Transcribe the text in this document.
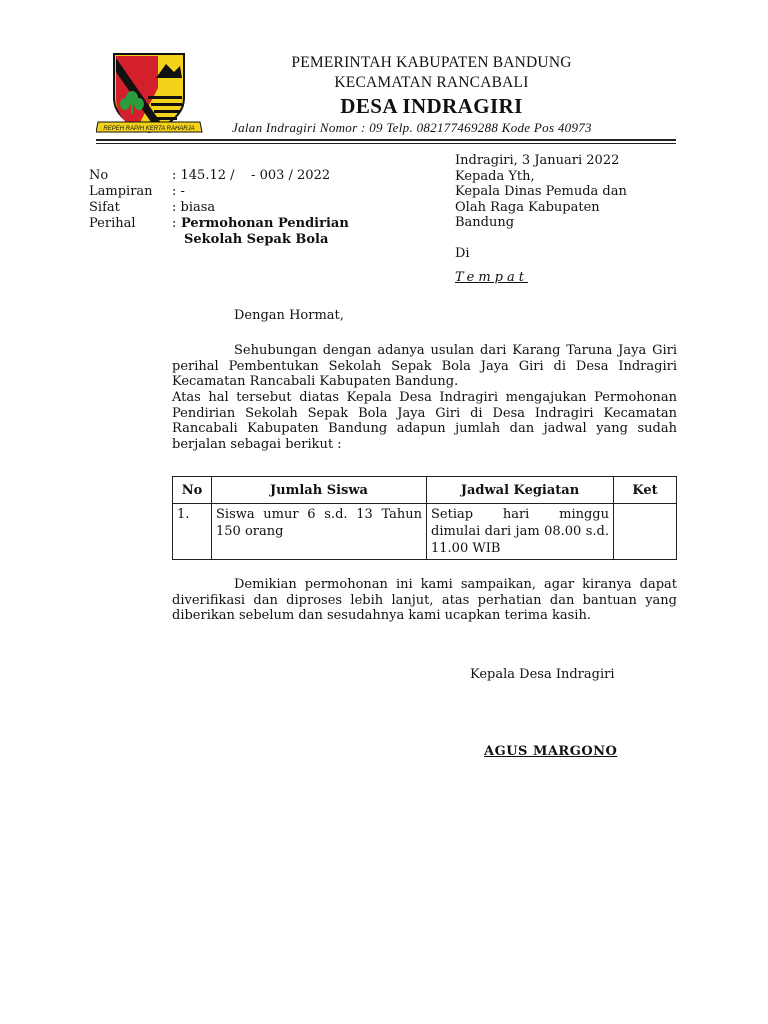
REPEH RAPIH KERTA RAHARJA
PEMERINTAH KABUPATEN BANDUNG
KECAMATAN RANCABALI
DESA INDRAGIRI
Jalan Indragiri Nomor : 09 Telp. 082177469288 Kode Pos 40973
No	: 145.12 /    - 003 / 2022
Lampiran : -
Sifat	: biasa
Perihal	: Permohonan Pendirian
Sekolah Sepak Bola
Indragiri, 3 Januari 2022
Kepada Yth,
Kepala Dinas Pemuda dan
Olah Raga Kabupaten
Bandung
Di
Tempat
Dengan Hormat,
Sehubungan dengan adanya usulan dari Karang Taruna Jaya Giri perihal Pembentukan Sekolah Sepak Bola Jaya Giri di Desa Indragiri Kecamatan Rancabali Kabupaten Bandung.
Atas hal tersebut diatas Kepala Desa Indragiri mengajukan Permohonan Pendirian Sekolah Sepak Bola Jaya Giri di Desa Indragiri Kecamatan Rancabali Kabupaten Bandung adapun jumlah dan jadwal yang sudah berjalan sebagai berikut :
No	Jumlah Siswa	Jadwal Kegiatan	Ket
1.	Siswa umur 6 s.d. 13 Tahun 150 orang	Setiap hari minggu dimulai dari jam 08.00 s.d. 11.00 WIB	
Demikian permohonan ini kami sampaikan, agar kiranya dapat diverifikasi dan diproses lebih lanjut, atas perhatian dan bantuan yang diberikan sebelum dan sesudahnya kami ucapkan terima kasih.
Kepala Desa Indragiri
AGUS MARGONO
